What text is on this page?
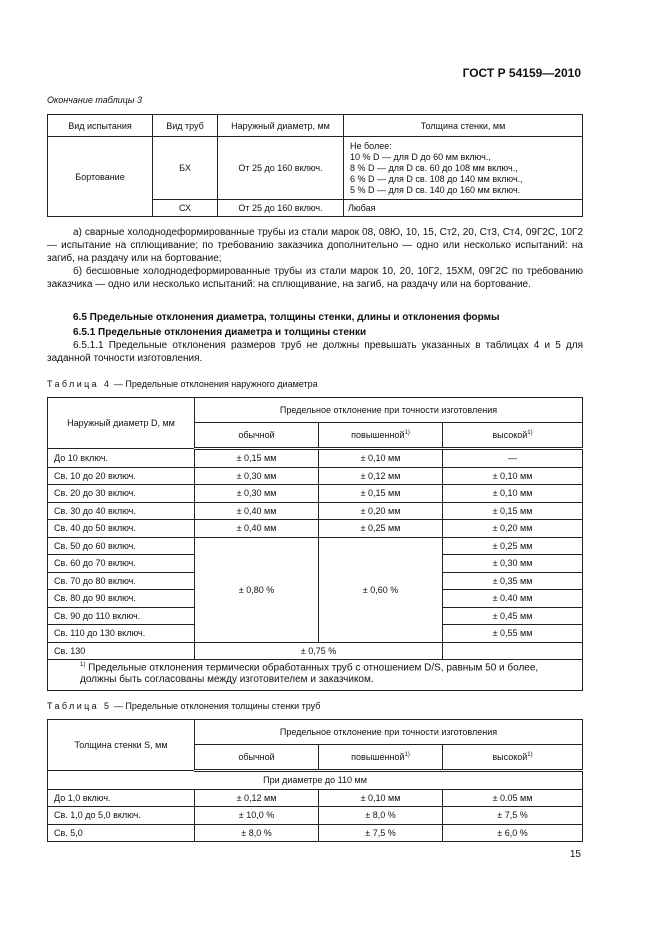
ГОСТ Р 54159—2010
Окончание таблицы 3
Вид испытания	Вид труб	Наружный диаметр, мм	Толщина стенки, мм
Бортование	БХ	От 25 до 160 включ.	Не более:
10 % D — для D до 60 мм включ.,
8 % D — для D св. 60 до 108 мм включ.,
6 % D — для D св. 108 до 140 мм включ.,
5 % D — для D св. 140 до 160 мм включ.

	СХ	От 25 до 160 включ.	Любая
а) сварные холоднодеформированные трубы из стали марок 08, 08Ю, 10, 15, Ст2, 20, Ст3, Ст4, 09Г2С, 10Г2 — испытание на сплющивание; по требованию заказчика дополнительно — одно или несколько испытаний: на загиб, на раздачу или на бортование;
б) бесшовные холоднодеформированные трубы из стали марок 10, 20, 10Г2, 15ХМ, 09Г2С по требованию заказчика — одно или несколько испытаний: на сплющивание, на загиб, на раздачу или на бортование.
6.5 Предельные отклонения диаметра, толщины стенки, длины и отклонения формы
6.5.1 Предельные отклонения диаметра и толщины стенки
6.5.1.1 Предельные отклонения размеров труб не должны превышать указанных в таблицах 4 и 5 для заданной точности изготовления.
Таблица 4 — Предельные отклонения наружного диаметра
Наружный диаметр D, мм	Предельное отклонение при точности изготовления		
	обычной	повышенной$^{1)}$	высокой$^{1)}$
До 10 включ.	± 0,15 мм	± 0,10 мм	—
Св. 10 до 20 включ.	± 0,30 мм	± 0,12 мм	± 0,10 мм
Св. 20 до 30 включ.	± 0,30 мм	± 0,15 мм	± 0,10 мм
Св. 30 до 40 включ.	± 0,40 мм	± 0,20 мм	± 0,15 мм
Св. 40 до 50 включ.	± 0,40 мм	± 0,25 мм	± 0,20 мм
Св. 50 до 60 включ.	± 0,80 %	± 0,60 %	± 0,25 мм
Св. 60 до 70 включ.			± 0,30 мм
Св. 70 до 80 включ.			± 0,35 мм
Св. 80 до 90 включ.			± 0.40 мм
Св. 90 до 110 включ.			± 0,45 мм
Св. 110 до 130 включ.			± 0,55 мм
Св. 130	± 0,75 %		
$^{1)}$ Предельные отклонения термически обработанных труб с отношением D/S, равным 50 и более, должны быть согласованы между изготовителем и заказчиком.
Таблица 5 — Предельные отклонения толщины стенки труб
Толщина стенки S, мм	Предельное отклонение при точности изготовления		
	обычной	повышенной$^{1)}$	высокой$^{1)}$
При диаметре до 110 мм			
До 1,0 включ.	± 0,12 мм	± 0,10 мм	± 0.05 мм
Св. 1,0 до 5,0 включ.	± 10,0 %	± 8,0 %	± 7,5 %
Св. 5,0	± 8,0 %	± 7,5 %	± 6,0 %
15
